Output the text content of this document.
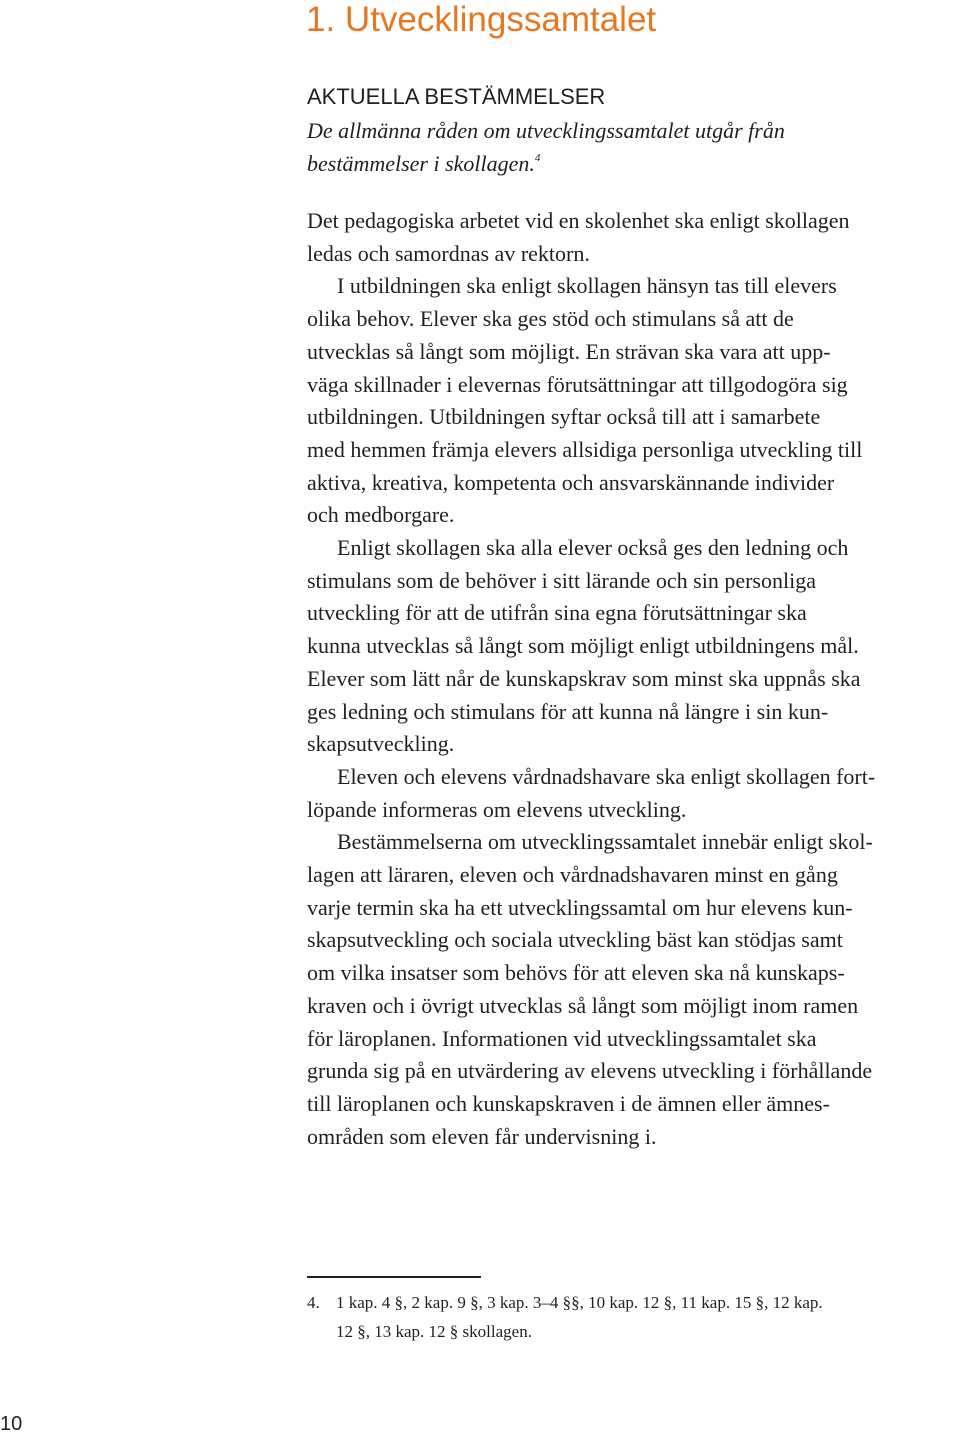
1. Utvecklingssamtalet
AKTUELLA BESTÄMMELSER
De allmänna råden om utvecklingssamtalet utgår från
bestämmelser i skollagen.$^4$

Det pedagogiska arbetet vid en skolenhet ska enligt skollagen

ledas och samordnas av rektorn.

I utbildningen ska enligt skollagen hänsyn tas till elevers

olika behov. Elever ska ges stöd och stimulans så att de

utvecklas så långt som möjligt. En strävan ska vara att upp-

väga skillnader i elevernas förutsättningar att tillgodogöra sig

utbildningen. Utbildningen syftar också till att i samarbete

med hemmen främja elevers allsidiga personliga utveckling till

aktiva, kreativa, kompetenta och ansvarskännande individer

och medborgare.

Enligt skollagen ska alla elever också ges den ledning och

stimulans som de behöver i sitt lärande och sin personliga

utveckling för att de utifrån sina egna förutsättningar ska

kunna utvecklas så långt som möjligt enligt utbildningens mål.

Elever som lätt når de kunskapskrav som minst ska uppnås ska

ges ledning och stimulans för att kunna nå längre i sin kun-

skapsutveckling.

Eleven och elevens vårdnadshavare ska enligt skollagen fort-

löpande informeras om elevens utveckling.

Bestämmelserna om utvecklingssamtalet innebär enligt skol-

lagen att läraren, eleven och vårdnadshavaren minst en gång

varje termin ska ha ett utvecklingssamtal om hur elevens kun-

skapsutveckling och sociala utveckling bäst kan stödjas samt

om vilka insatser som behövs för att eleven ska nå kunskaps-

kraven och i övrigt utvecklas så långt som möjligt inom ramen

för läroplanen. Informationen vid utvecklingssamtalet ska

grunda sig på en utvärdering av elevens utveckling i förhållande

till läroplanen och kunskapskraven i de ämnen eller ämnes-

områden som eleven får undervisning i.

4. 1 kap. 4 §, 2 kap. 9 §, 3 kap. 3–4 §§, 10 kap. 12 §, 11 kap. 15 §, 12 kap.

12 §, 13 kap. 12 § skollagen.

10
